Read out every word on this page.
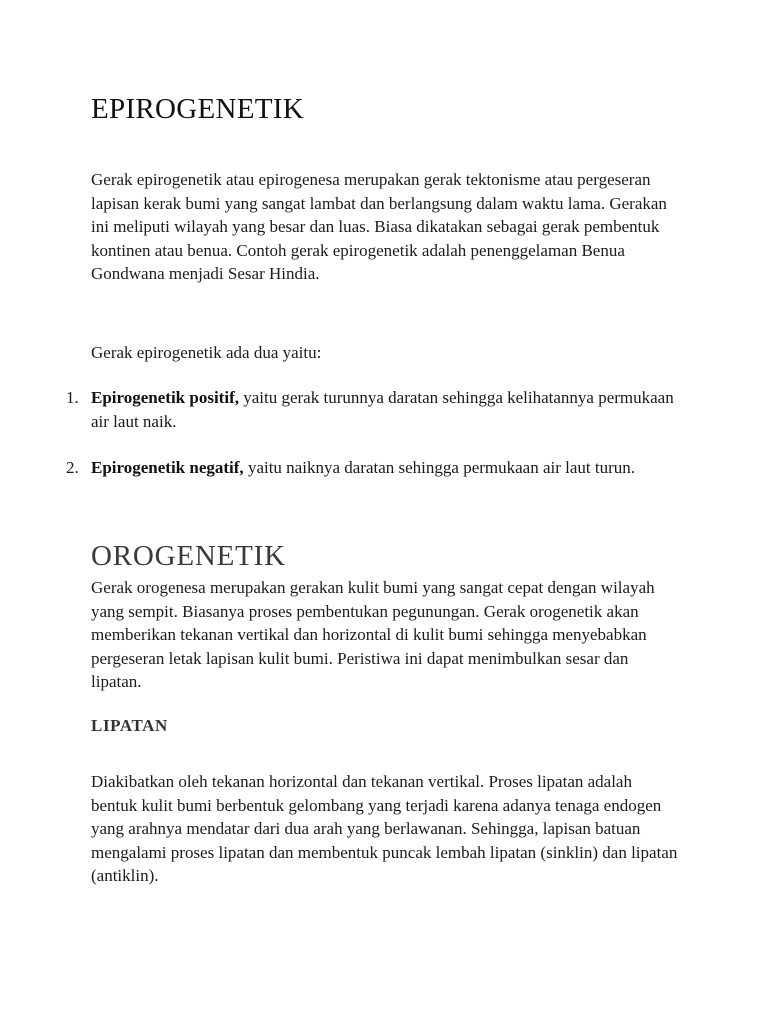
EPIROGENETIK

Gerak epirogenetik atau epirogenesa merupakan gerak tektonisme atau pergeseran lapisan kerak bumi yang sangat lambat dan berlangsung dalam waktu lama. Gerakan ini meliputi wilayah yang besar dan luas. Biasa dikatakan sebagai gerak pembentuk kontinen atau benua. Contoh gerak epirogenetik adalah penenggelaman Benua Gondwana menjadi Sesar Hindia.

Gerak epirogenetik ada dua yaitu:

1. Epirogenetik positif, yaitu gerak turunnya daratan sehingga kelihatannya permukaan air laut naik.
2. Epirogenetik negatif, yaitu naiknya daratan sehingga permukaan air laut turun.
OROGENETIK

Gerak orogenesa merupakan gerakan kulit bumi yang sangat cepat dengan wilayah yang sempit. Biasanya proses pembentukan pegunungan. Gerak orogenetik akan memberikan tekanan vertikal dan horizontal di kulit bumi sehingga menyebabkan pergeseran letak lapisan kulit bumi. Peristiwa ini dapat menimbulkan sesar dan lipatan.

LIPATAN

Diakibatkan oleh tekanan horizontal dan tekanan vertikal. Proses lipatan adalah bentuk kulit bumi berbentuk gelombang yang terjadi karena adanya tenaga endogen yang arahnya mendatar dari dua arah yang berlawanan. Sehingga, lapisan batuan mengalami proses lipatan dan membentuk puncak lembah lipatan (sinklin) dan lipatan (antiklin).
